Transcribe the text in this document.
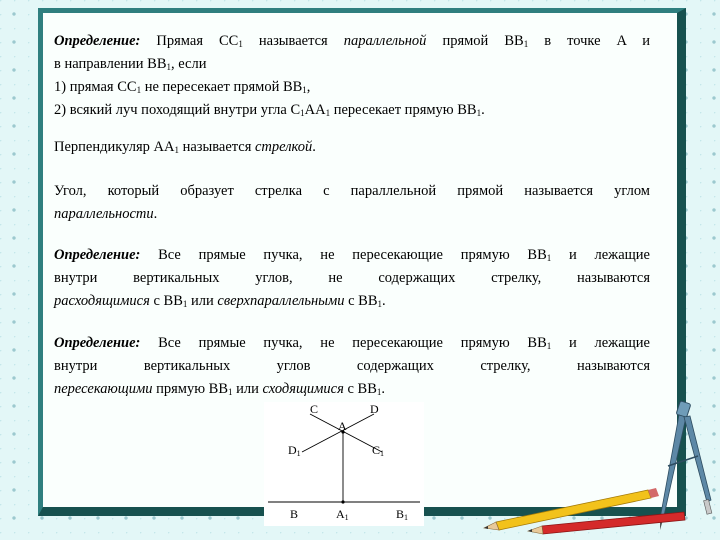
Определение: Прямая $CC_1$ называется параллельной прямой $BB_1$ в точке A и
в направлении $BB_1$, если
1) прямая $CC_1$ не пересекает прямой $BB_1$,
2) всякий луч походящий внутри угла $C_1AA_1$ пересекает прямую $BB_1$.
Перпендикуляр $AA_1$ называется стрелкой.
Угол, который образует стрелка с параллельной прямой называется углом
параллельности.
Определение: Все прямые пучка, не пересекающие прямую $BB_1$ и лежащие
внутри вертикальных углов, не содержащих стрелку, называются
расходящимися с $BB_1$ или сверхпараллельными с $BB_1$.
Определение: Все прямые пучка, не пересекающие прямую $BB_1$ и лежащие
внутри вертикальных углов содержащих стрелку, называются
пересекающими прямую $BB_1$ или сходящимися с $BB_1$.
C	D
A
D1	C1
B	A1	B1
